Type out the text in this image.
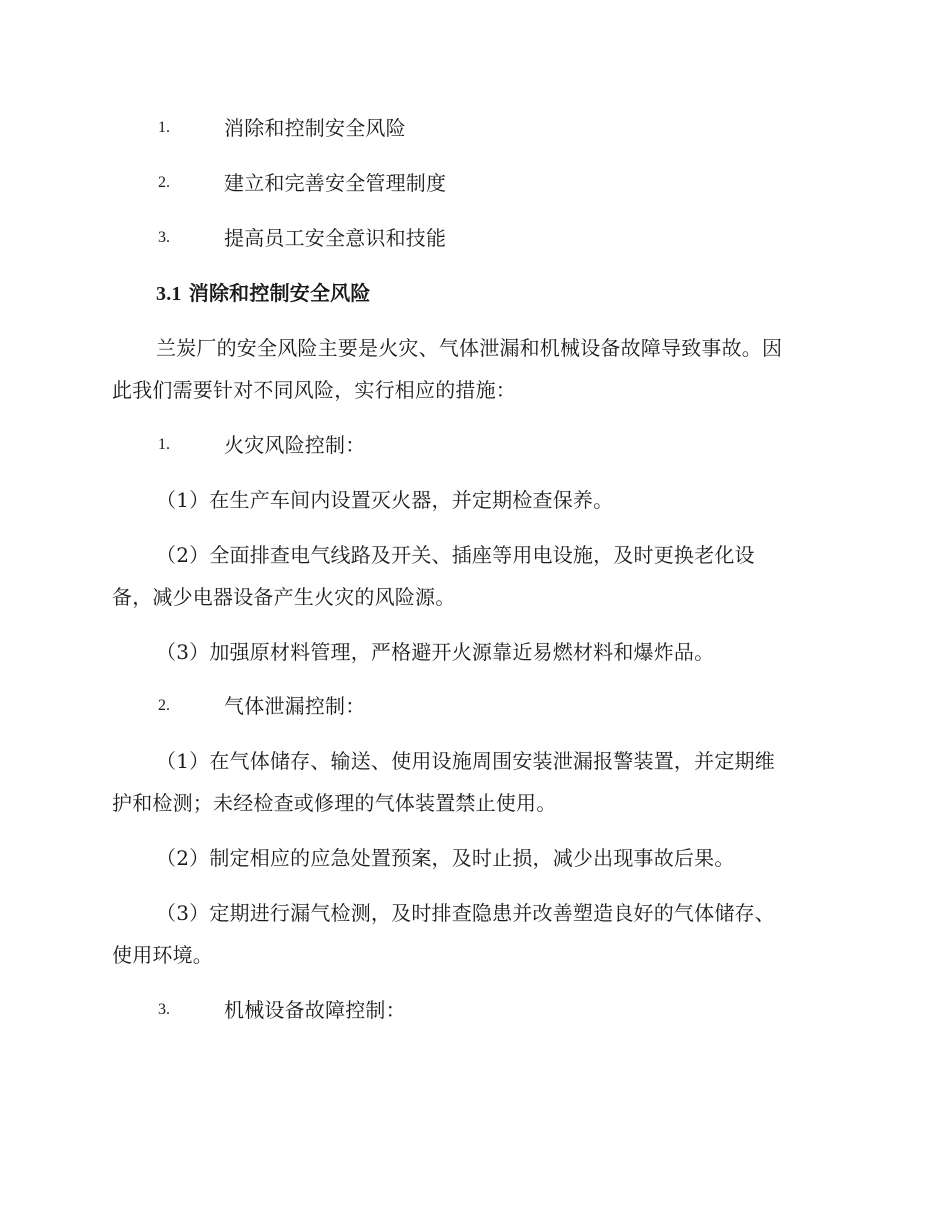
1.	消除和控制安全风险
2.	建立和完善安全管理制度
3.	提高员工安全意识和技能
3.1 消除和控制安全风险
兰炭厂的安全风险主要是火灾、气体泄漏和机械设备故障导致事故。因
此我们需要针对不同风险，实行相应的措施：
1.	火灾风险控制：
（1）在生产车间内设置灭火器，并定期检查保养。
（2）全面排查电气线路及开关、插座等用电设施，及时更换老化设
备，减少电器设备产生火灾的风险源。
（3）加强原材料管理，严格避开火源靠近易燃材料和爆炸品。
2.	气体泄漏控制：
（1）在气体储存、输送、使用设施周围安装泄漏报警装置，并定期维
护和检测；未经检查或修理的气体装置禁止使用。
（2）制定相应的应急处置预案，及时止损，减少出现事故后果。
（3）定期进行漏气检测，及时排查隐患并改善塑造良好的气体储存、
使用环境。
3.	机械设备故障控制：
